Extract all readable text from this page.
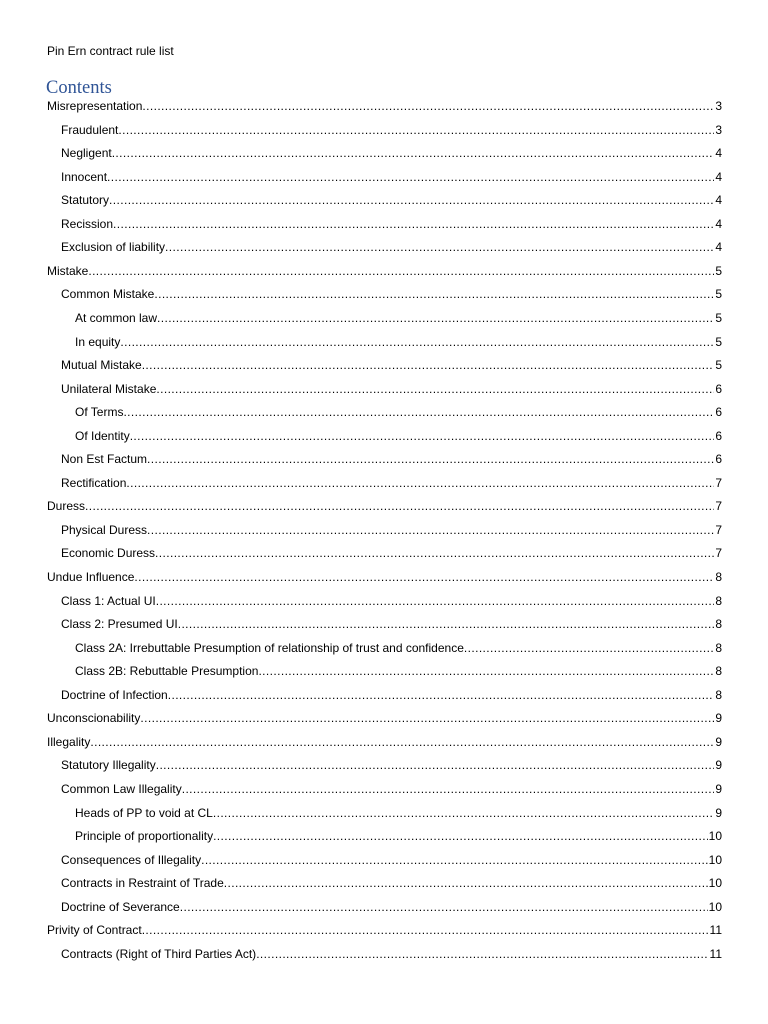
Pin Ern contract rule list
Contents
Misrepresentation .....	3
Fraudulent .....	3
Negligent .....	4
Innocent .....	4
Statutory .....	4
Recission .....	4
Exclusion of liability .....	4
Mistake .....	5
Common Mistake .....	5
At common law .....	5
In equity .....	5
Mutual Mistake .....	5
Unilateral Mistake .....	6
Of Terms .....	6
Of Identity .....	6
Non Est Factum .....	6
Rectification .....	7
Duress .....	7
Physical Duress .....	7
Economic Duress .....	7
Undue Influence .....	8
Class 1: Actual UI .....	8
Class 2: Presumed UI .....	8
Class 2A: Irrebuttable Presumption of relationship of trust and confidence .....	8
Class 2B: Rebuttable Presumption .....	8
Doctrine of Infection .....	8
Unconscionability .....	9
Illegality .....	9
Statutory Illegality .....	9
Common Law Illegality .....	9
Heads of PP to void at CL .....	9
Principle of proportionality .....	10
Consequences of Illegality .....	10
Contracts in Restraint of Trade .....	10
Doctrine of Severance .....	10
Privity of Contract .....	11
Contracts (Right of Third Parties Act) .....	11
